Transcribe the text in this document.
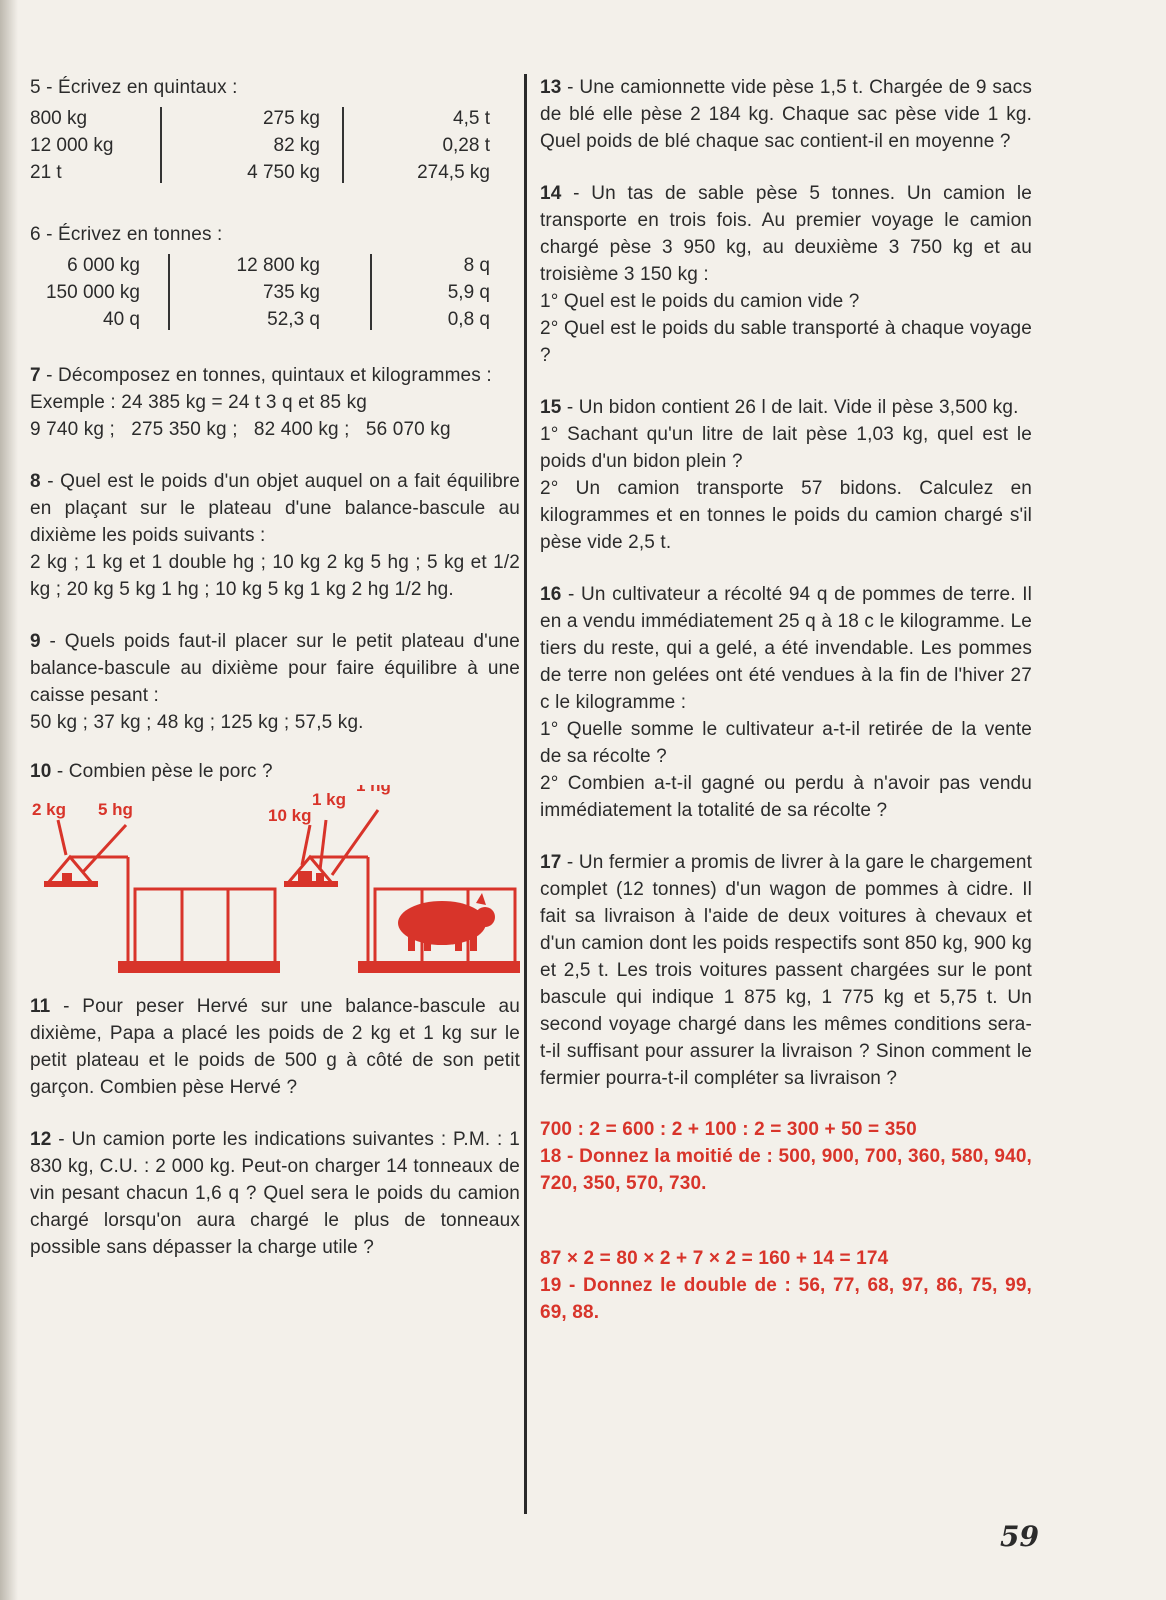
5 - Écrivez en quintaux :

800 kg
12 000 kg
21 t
275 kg
82 kg
4 750 kg
4,5 t
0,28 t
274,5 kg

6 - Écrivez en tonnes :

6 000 kg
150 000 kg
40 q
12 800 kg
735 kg
52,3 q
8 q
5,9 q
0,8 q

7 - Décomposez en tonnes, quintaux et kilogrammes :

Exemple : 24 385 kg = 24 t 3 q et 85 kg

9 740 kg ;   275 350 kg ;   82 400 kg ;   56 070 kg

8 - Quel est le poids d'un objet auquel on a fait équilibre en plaçant sur le plateau d'une balance-bascule au dixième les poids suivants :

2 kg ; 1 kg et 1 double hg ; 10 kg 2 kg 5 hg ; 5 kg et 1/2 kg ; 20 kg 5 kg 1 hg ; 10 kg 5 kg 1 kg 2 hg 1/2 hg.

9 - Quels poids faut-il placer sur le petit plateau d'une balance-bascule au dixième pour faire équilibre à une caisse pesant :

50 kg ; 37 kg ; 48 kg ; 125 kg ; 57,5 kg.

10 - Combien pèse le porc ?

2 kg 5 hg	10 kg
1 kg
1 hg

11 - Pour peser Hervé sur une balance-bascule au dixième, Papa a placé les poids de 2 kg et 1 kg sur le petit plateau et le poids de 500 g à côté de son petit garçon. Combien pèse Hervé ?

12 - Un camion porte les indications suivantes : P.M. : 1 830 kg, C.U. : 2 000 kg. Peut-on charger 14 tonneaux de vin pesant chacun 1,6 q ? Quel sera le poids du camion chargé lorsqu'on aura chargé le plus de tonneaux possible sans dépasser la charge utile ?

13 - Une camionnette vide pèse 1,5 t. Chargée de 9 sacs de blé elle pèse 2 184 kg. Chaque sac pèse vide 1 kg. Quel poids de blé chaque sac contient-il en moyenne ?

14 - Un tas de sable pèse 5 tonnes. Un camion le transporte en trois fois. Au premier voyage le camion chargé pèse 3 950 kg, au deuxième 3 750 kg et au troisième 3 150 kg :

1° Quel est le poids du camion vide ?

2° Quel est le poids du sable transporté à chaque voyage ?

15 - Un bidon contient 26 l de lait. Vide il pèse 3,500 kg.

1° Sachant qu'un litre de lait pèse 1,03 kg, quel est le poids d'un bidon plein ?

2° Un camion transporte 57 bidons. Calculez en kilogrammes et en tonnes le poids du camion chargé s'il pèse vide 2,5 t.

16 - Un cultivateur a récolté 94 q de pommes de terre. Il en a vendu immédiatement 25 q à 18 c le kilogramme. Le tiers du reste, qui a gelé, a été invendable. Les pommes de terre non gelées ont été vendues à la fin de l'hiver 27 c le kilogramme :

1° Quelle somme le cultivateur a-t-il retirée de la vente de sa récolte ?

2° Combien a-t-il gagné ou perdu à n'avoir pas vendu immédiatement la totalité de sa récolte ?

17 - Un fermier a promis de livrer à la gare le chargement complet (12 tonnes) d'un wagon de pommes à cidre. Il fait sa livraison à l'aide de deux voitures à chevaux et d'un camion dont les poids respectifs sont 850 kg, 900 kg et 2,5 t. Les trois voitures passent chargées sur le pont bascule qui indique 1 875 kg, 1 775 kg et 5,75 t. Un second voyage chargé dans les mêmes conditions sera-t-il suffisant pour assurer la livraison ? Sinon comment le fermier pourra-t-il compléter sa livraison ?

700 : 2 = 600 : 2 + 100 : 2 = 300 + 50 = 350

18 - Donnez la moitié de : 500, 900, 700, 360, 580, 940, 720, 350, 570, 730.

87 × 2 = 80 × 2 + 7 × 2 = 160 + 14 = 174

19 - Donnez le double de : 56, 77, 68, 97, 86, 75, 99, 69, 88.

59
